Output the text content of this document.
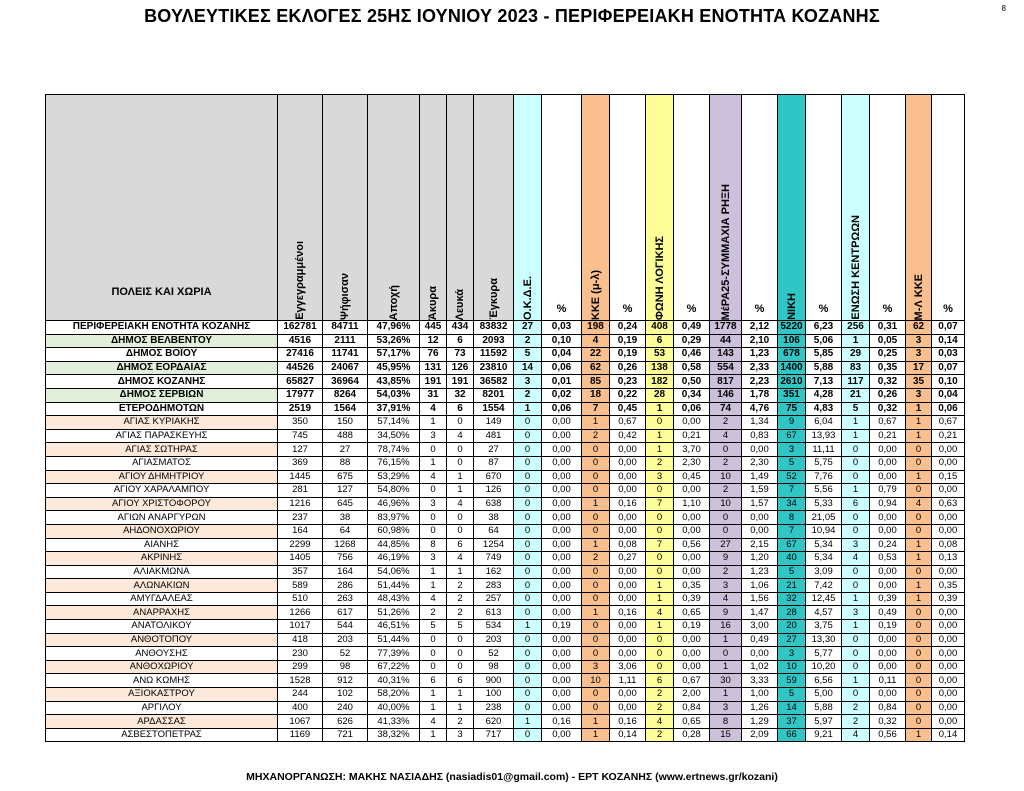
ΒΟΥΛΕΥΤΙΚΕΣ ΕΚΛΟΓΕΣ 25ΗΣ ΙΟΥΝΙΟΥ 2023 - ΠΕΡΙΦΕΡΕΙΑΚΗ ΕΝΟΤΗΤΑ ΚΟΖΑΝΗΣ	8
ΠΟΛΕΙΣ ΚΑΙ ΧΩΡΙΑ	Εγγεγραμμένοι	Ψήφισαν	Αποχή	Άκυρα	Λευκά	Έγκυρα	Ο.Κ.Δ.Ε.	%	ΚΚΕ (μ-λ)	%	ΦΩΝΗ ΛΟΓΙΚΗΣ	%	ΜέΡΑ25-ΣΥΜΜΑΧΙΑ ΡΗΞΗ	%	ΝΙΚΗ	%	ΕΝΩΣΗ ΚΕΝΤΡΩΩΝ	%	Μ-Λ ΚΚΕ	%
ΠΕΡΙΦΕΡΕΙΑΚΗ ΕΝΟΤΗΤΑ ΚΟΖΑΝΗΣ	162781	84711	47,96%	445	434	83832	27	0,03	198	0,24	408	0,49	1778	2,12	5220	6,23	256	0,31	62	0,07
ΔΗΜΟΣ ΒΕΛΒΕΝΤΟΥ	4516	2111	53,26%	12	6	2093	2	0,10	4	0,19	6	0,29	44	2,10	106	5,06	1	0,05	3	0,14
ΔΗΜΟΣ ΒΟΪΟΥ	27416	11741	57,17%	76	73	11592	5	0,04	22	0,19	53	0,46	143	1,23	678	5,85	29	0,25	3	0,03
ΔΗΜΟΣ ΕΟΡΔΑΙΑΣ	44526	24067	45,95%	131	126	23810	14	0,06	62	0,26	138	0,58	554	2,33	1400	5,88	83	0,35	17	0,07
ΔΗΜΟΣ ΚΟΖΑΝΗΣ	65827	36964	43,85%	191	191	36582	3	0,01	85	0,23	182	0,50	817	2,23	2610	7,13	117	0,32	35	0,10
ΔΗΜΟΣ ΣΕΡΒΙΩΝ	17977	8264	54,03%	31	32	8201	2	0,02	18	0,22	28	0,34	146	1,78	351	4,28	21	0,26	3	0,04
ΕΤΕΡΟΔΗΜΟΤΩΝ	2519	1564	37,91%	4	6	1554	1	0,06	7	0,45	1	0,06	74	4,76	75	4,83	5	0,32	1	0,06
ΑΓΙΑΣ ΚΥΡΙΑΚΗΣ	350	150	57,14%	1	0	149	0	0,00	1	0,67	0	0,00	2	1,34	9	6,04	1	0,67	1	0,67
ΑΓΙΑΣ ΠΑΡΑΣΚΕΥΗΣ	745	488	34,50%	3	4	481	0	0,00	2	0,42	1	0,21	4	0,83	67	13,93	1	0,21	1	0,21
ΑΓΙΑΣ ΣΩΤΗΡΑΣ	127	27	78,74%	0	0	27	0	0,00	0	0,00	1	3,70	0	0,00	3	11,11	0	0,00	0	0,00
ΑΓΙΑΣΜΑΤΟΣ	369	88	76,15%	1	0	87	0	0,00	0	0,00	2	2,30	2	2,30	5	5,75	0	0,00	0	0,00
ΑΓΙΟΥ ΔΗΜΗΤΡΙΟΥ	1445	675	53,29%	4	1	670	0	0,00	0	0,00	3	0,45	10	1,49	52	7,76	0	0,00	1	0,15
ΑΓΙΟΥ ΧΑΡΑΛΑΜΠΟΥ	281	127	54,80%	0	1	126	0	0,00	0	0,00	0	0,00	2	1,59	7	5,56	1	0,79	0	0,00
ΑΓΙΟΥ ΧΡΙΣΤΟΦΟΡΟΥ	1216	645	46,96%	3	4	638	0	0,00	1	0,16	7	1,10	10	1,57	34	5,33	6	0,94	4	0,63
ΑΓΙΩΝ ΑΝΑΡΓΥΡΩΝ	237	38	83,97%	0	0	38	0	0,00	0	0,00	0	0,00	0	0,00	8	21,05	0	0,00	0	0,00
ΑΗΔΟΝΟΧΩΡΙΟΥ	164	64	60,98%	0	0	64	0	0,00	0	0,00	0	0,00	0	0,00	7	10,94	0	0,00	0	0,00
ΑΙΑΝΗΣ	2299	1268	44,85%	8	6	1254	0	0,00	1	0,08	7	0,56	27	2,15	67	5,34	3	0,24	1	0,08
ΑΚΡΙΝΗΣ	1405	756	46,19%	3	4	749	0	0,00	2	0,27	0	0,00	9	1,20	40	5,34	4	0,53	1	0,13
ΑΛΙΑΚΜΩΝΑ	357	164	54,06%	1	1	162	0	0,00	0	0,00	0	0,00	2	1,23	5	3,09	0	0,00	0	0,00
ΑΛΩΝΑΚΙΩΝ	589	286	51,44%	1	2	283	0	0,00	0	0,00	1	0,35	3	1,06	21	7,42	0	0,00	1	0,35
ΑΜΥΓΔΑΛΕΑΣ	510	263	48,43%	4	2	257	0	0,00	0	0,00	1	0,39	4	1,56	32	12,45	1	0,39	1	0,39
ΑΝΑΡΡΑΧΗΣ	1266	617	51,26%	2	2	613	0	0,00	1	0,16	4	0,65	9	1,47	28	4,57	3	0,49	0	0,00
ΑΝΑΤΟΛΙΚΟΥ	1017	544	46,51%	5	5	534	1	0,19	0	0,00	1	0,19	16	3,00	20	3,75	1	0,19	0	0,00
ΑΝΘΟΤΟΠΟΥ	418	203	51,44%	0	0	203	0	0,00	0	0,00	0	0,00	1	0,49	27	13,30	0	0,00	0	0,00
ΑΝΘΟΥΣΗΣ	230	52	77,39%	0	0	52	0	0,00	0	0,00	0	0,00	0	0,00	3	5,77	0	0,00	0	0,00
ΑΝΘΟΧΩΡΙΟΥ	299	98	67,22%	0	0	98	0	0,00	3	3,06	0	0,00	1	1,02	10	10,20	0	0,00	0	0,00
ΑΝΩ ΚΩΜΗΣ	1528	912	40,31%	6	6	900	0	0,00	10	1,11	6	0,67	30	3,33	59	6,56	1	0,11	0	0,00
ΑΞΙΟΚΑΣΤΡΟΥ	244	102	58,20%	1	1	100	0	0,00	0	0,00	2	2,00	1	1,00	5	5,00	0	0,00	0	0,00
ΑΡΓΙΛΟΥ	400	240	40,00%	1	1	238	0	0,00	0	0,00	2	0,84	3	1,26	14	5,88	2	0,84	0	0,00
ΑΡΔΑΣΣΑΣ	1067	626	41,33%	4	2	620	1	0,16	1	0,16	4	0,65	8	1,29	37	5,97	2	0,32	0	0,00
ΑΣΒΕΣΤΟΠΕΤΡΑΣ	1169	721	38,32%	1	3	717	0	0,00	1	0,14	2	0,28	15	2,09	66	9,21	4	0,56	1	0,14
ΜΗΧΑΝΟΡΓΑΝΩΣΗ: ΜΑΚΗΣ ΝΑΣΙΑΔΗΣ (nasiadis01@gmail.com) - ΕΡΤ ΚΟΖΑΝΗΣ (www.ertnews.gr/kozani)
